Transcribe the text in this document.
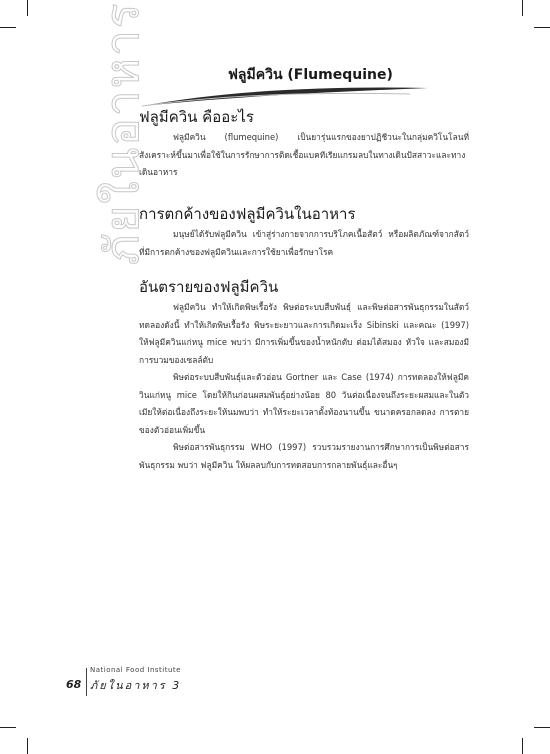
ภัยในอาหาร	ฟลูมีควิน (Flumequine)
ฟลูมีควิน คืออะไร

ฟลูมีควิน (flumequine) เป็นยารุ่นแรกของยาปฏิชีวนะในกลุ่มควิโนโลนที่สังเคราะห์ขึ้นมาเพื่อใช้ในการรักษาการติดเชื้อแบคทีเรียแกรมลบในทางเดินปัสสาวะและทางเดินอาหาร

การตกค้างของฟลูมีควินในอาหาร

มนุษย์ได้รับฟลูมีควิน เข้าสู่ร่างกายจากการบริโภคเนื้อสัตว์ หรือผลิตภัณฑ์จากสัตว์ ที่มีการตกค้างของฟลูมีควินและการใช้ยาเพื่อรักษาโรค

อันตรายของฟลูมีควิน

ฟลูมีควิน ทำให้เกิดพิษเรื้อรัง พิษต่อระบบสืบพันธุ์ และพิษต่อสารพันธุกรรมในสัตว์ทดลองดังนี้ ทำให้เกิดพิษเรื้อรัง พิษระยะยาวและการเกิดมะเร็ง Sibinski และคณะ (1997) ให้ฟลูมีควินแก่หนู mice พบว่า มีการเพิ่มขึ้นของน้ำหนักตับ ต่อมไต้สมอง หัวใจ และสมองมีการบวมของเซลล์ตับ

พิษต่อระบบสืบพันธุ์และตัวอ่อน Gortner และ Case (1974) การทดลองให้ฟลูมีควินแก่หนู mice โดยให้กินก่อนผสมพันธุ์อย่างน้อย 80 วันต่อเนื่องจนถึงระยะผสมและในตัวเมียให้ต่อเนื่องถึงระยะให้นมพบว่า ทำให้ระยะเวลาตั้งท้องนานขึ้น ขนาดครอกลดลง การตายของตัวอ่อนเพิ่มขึ้น

พิษต่อสารพันธุกรรม WHO (1997) รวบรวมรายงานการศึกษาการเป็นพิษต่อสารพันธุกรรม พบว่า ฟลูมีควิน ให้ผลลบกับการทดสอบการกลายพันธุ์และอื่นๆ

68
National Food Institute
ภัยในอาหาร 3
